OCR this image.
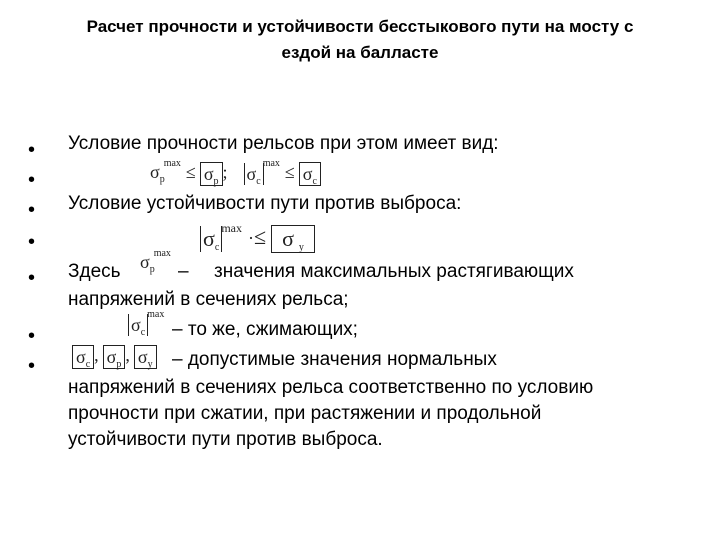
Расчет прочности и устойчивости бесстыкового пути на мосту с
ездой на балласте
• Условие прочности рельсов при этом имеет вид:
•	$\sigma_p^{max} \le \sigma_p$ ; $\sigma_c^{max} \le \sigma_c$
• Условие устойчивости пути против выброса:
•	$\sigma_c^{max} \cdot\le \sigma$ $_y$
• Здесь $\sigma_p^{max}$
– значения максимальных растягивающих
напряжений в сечениях рельса;
•	$\sigma_c^{max}$
– то же, сжимающих;
• $\sigma_c$ , $\sigma_p$ , $\sigma_y$ – допустимые значения нормальных
напряжений в сечениях рельса соответственно по условию
прочности при сжатии, при растяжении и продольной
устойчивости пути против выброса.
